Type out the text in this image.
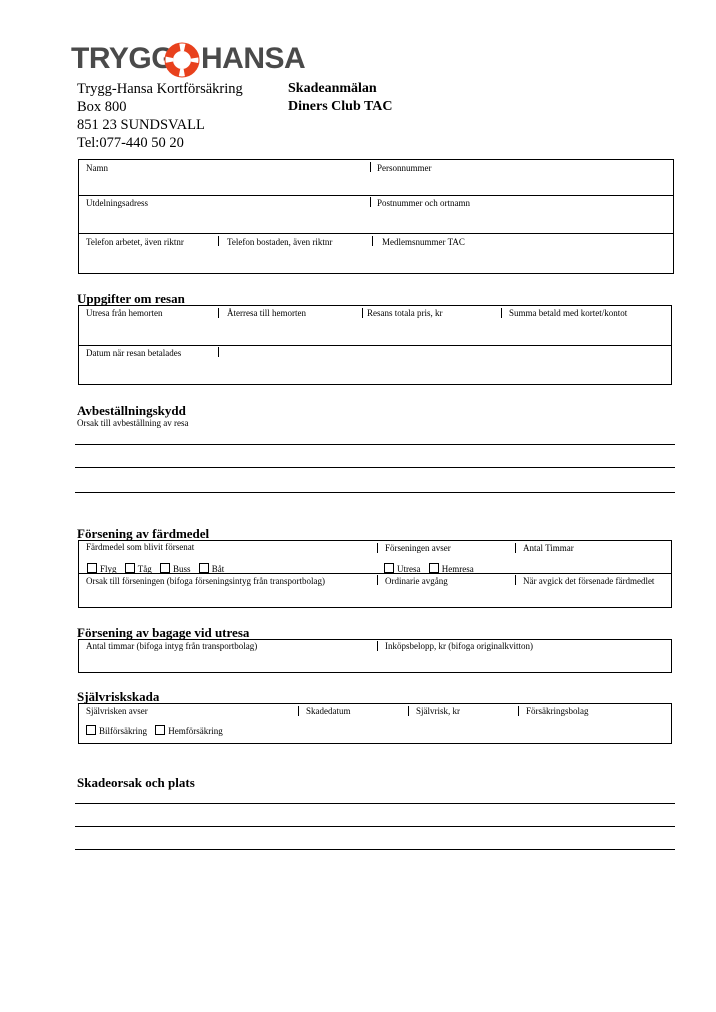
TRYGG HANSA
Trygg-Hansa Kortförsäkring
Box 800
851 23 SUNDSVALL
Tel:077-440 50 20
Skadeanmälan
Diners Club TAC
Namn	Personnummer
Utdelningsadress	Postnummer och ortnamn
Telefon arbetet, även riktnr	Telefon bostaden, även riktnr	Medlemsnummer TAC
Uppgifter om resan
Utresa från hemorten	Återresa till hemorten	Resans totala pris, kr	Summa betald med kortet/kontot
Datum när resan betalades
Avbeställningskydd
Orsak till avbeställning av resa
Försening av färdmedel
Färdmedel som blivit försenat	Förseningen avser	Antal Timmar
Flyg Tåg Buss Båt	Utresa Hemresa
Orsak till förseningen (bifoga förseningsintyg från transportbolag)	Ordinarie avgång	När avgick det försenade färdmedlet
Försening av bagage vid utresa
Antal timmar (bifoga intyg från transportbolag)	Inköpsbelopp, kr (bifoga originalkvitton)
Självriskskada
Självrisken avser	Skadedatum	Självrisk, kr	Försäkringsbolag
Bilförsäkring Hemförsäkring
Skadeorsak och plats
